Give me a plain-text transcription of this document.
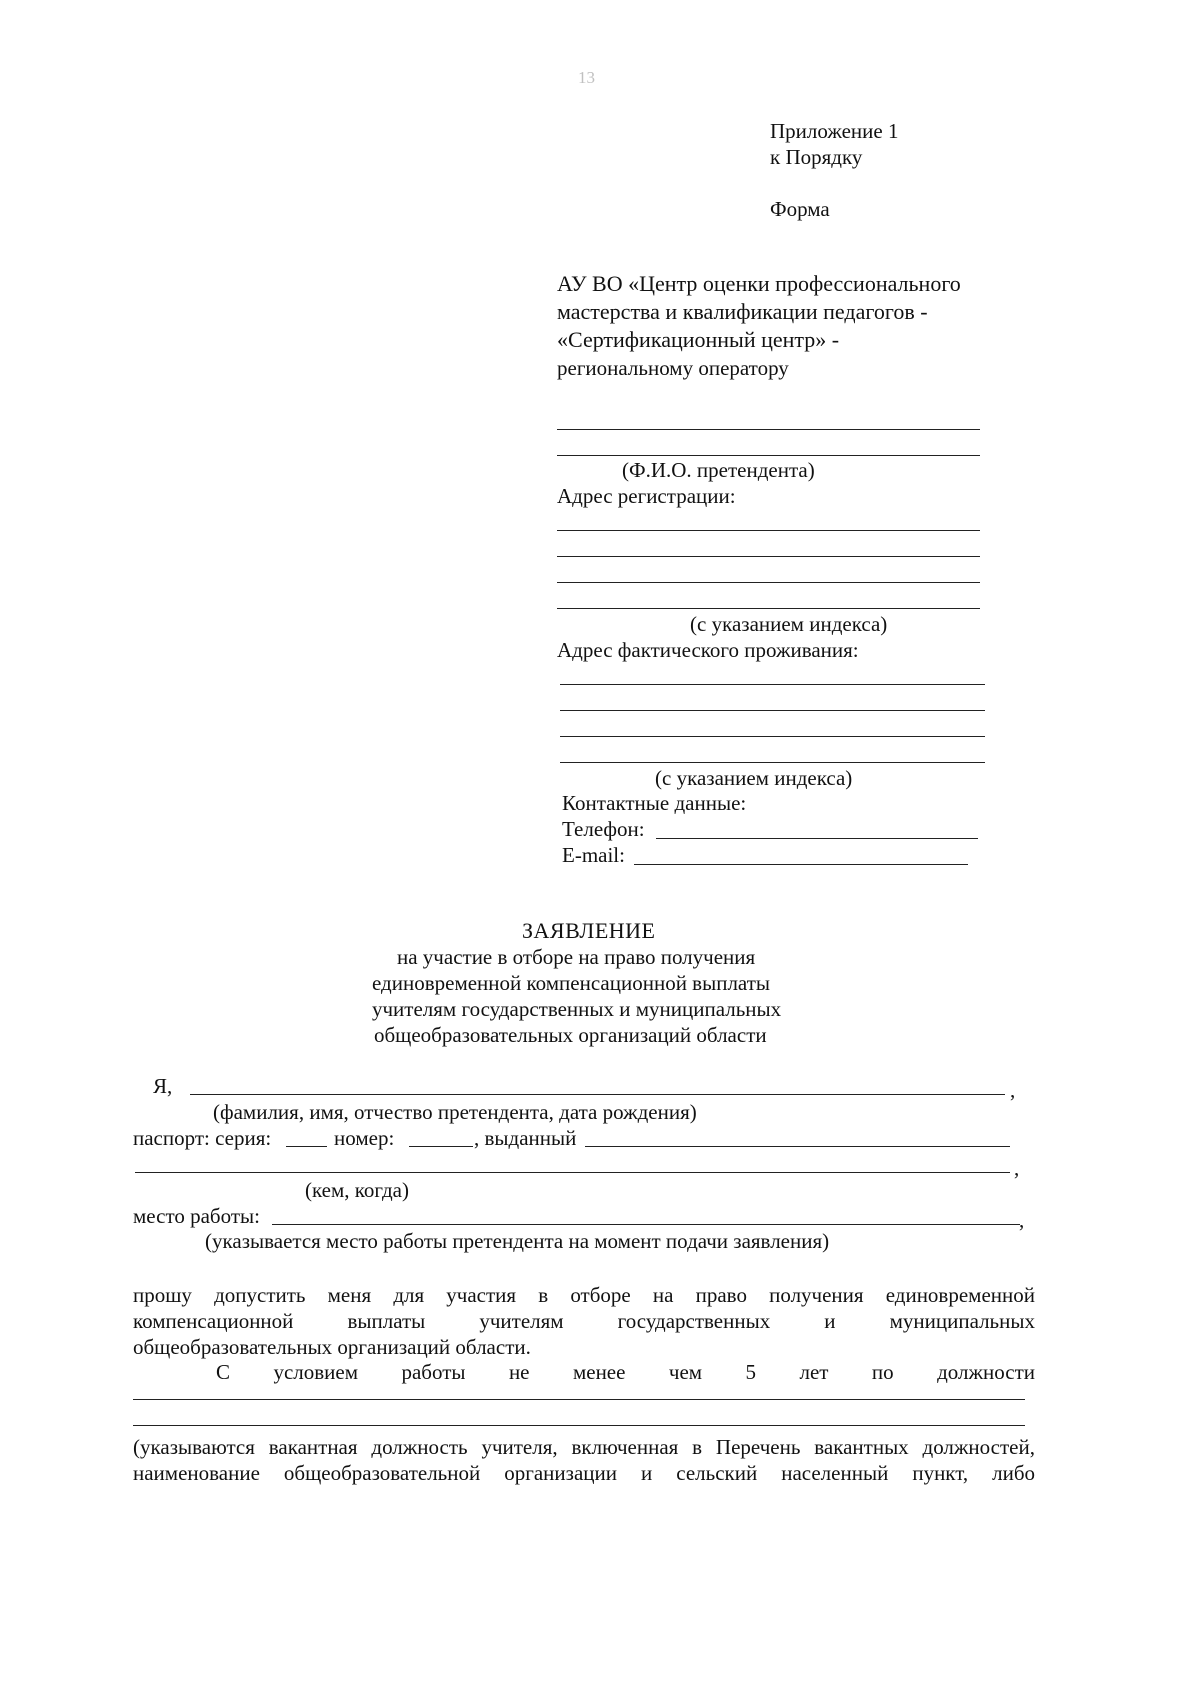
13
Приложение 1
к Порядку
Форма
АУ ВО «Центр оценки профессионального
мастерства и квалификации педагогов -
«Сертификационный центр» -
региональному оператору
(Ф.И.О. претендента)
Адрес регистрации:
(с указанием индекса)
Адрес фактического проживания:
(с указанием индекса)
Контактные данные:
Телефон:
E-mail:
ЗАЯВЛЕНИЕ
на участие в отборе на право получения
единовременной компенсационной выплаты
учителям государственных и муниципальных
общеобразовательных организаций области
Я,	,
(фамилия, имя, отчество претендента, дата рождения)
паспорт: серия:	номер:	, выданный
,
(кем, когда)
место работы:	,
(указывается место работы претендента на момент подачи заявления)
прошу допустить меня для участия в отборе на право получения единовременной
компенсационной выплаты учителям государственных и муниципальных
общеобразовательных организаций области.
С условием работы не менее чем 5 лет по должности
(указываются вакантная должность учителя, включенная в Перечень вакантных должностей,
наименование общеобразовательной организации и сельский населенный пункт, либо
